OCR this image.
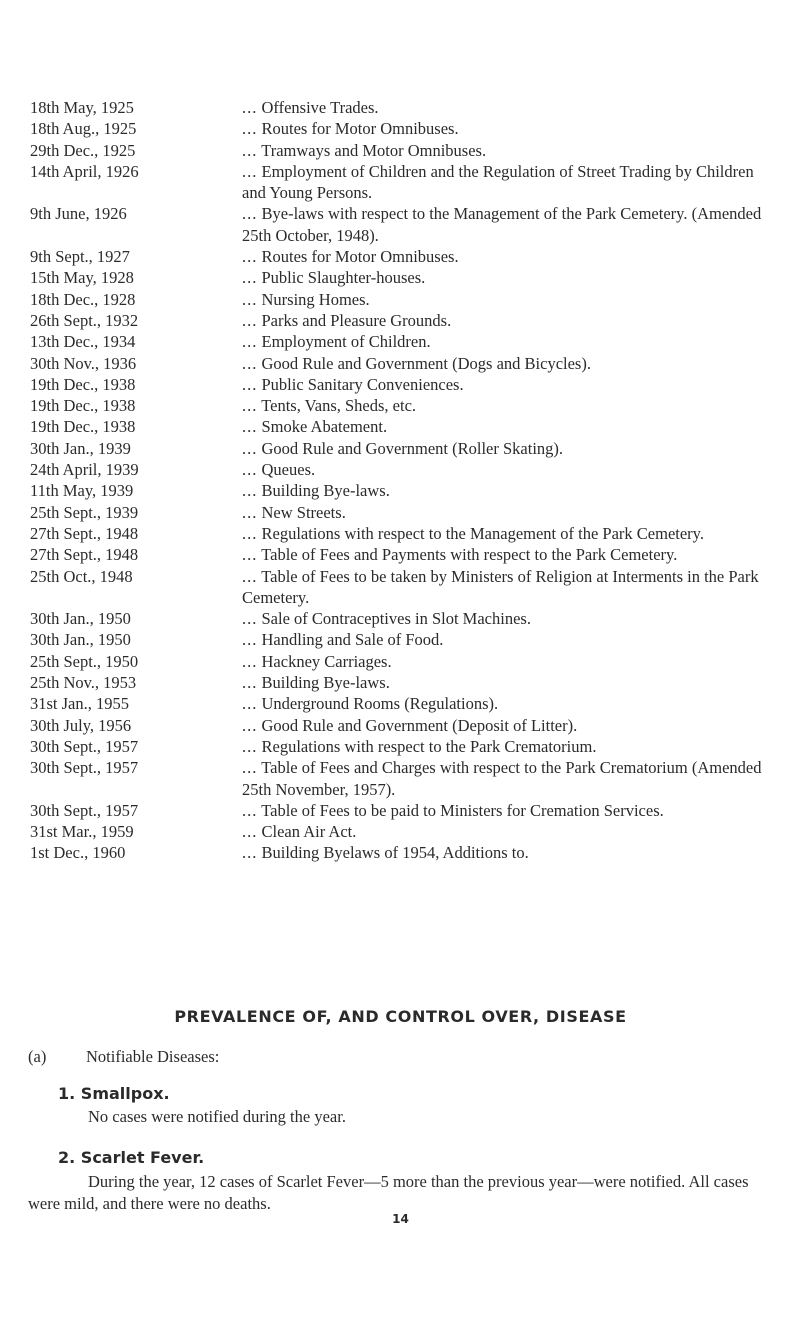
18th May, 1925	... Offensive Trades.
18th Aug., 1925	... Routes for Motor Omnibuses.
29th Dec., 1925	... Tramways and Motor Omnibuses.
14th April, 1926	... Employment of Children and the Regulation of Street Trading by Children and Young Persons.
9th June, 1926	... Bye-laws with respect to the Management of the Park Cemetery. (Amended 25th October, 1948).
9th Sept., 1927	... Routes for Motor Omnibuses.
15th May, 1928	... Public Slaughter-houses.
18th Dec., 1928	... Nursing Homes.
26th Sept., 1932	... Parks and Pleasure Grounds.
13th Dec., 1934	... Employment of Children.
30th Nov., 1936	... Good Rule and Government (Dogs and Bicycles).
19th Dec., 1938	... Public Sanitary Conveniences.
19th Dec., 1938	... Tents, Vans, Sheds, etc.
19th Dec., 1938	... Smoke Abatement.
30th Jan., 1939	... Good Rule and Government (Roller Skating).
24th April, 1939	... Queues.
11th May, 1939	... Building Bye-laws.
25th Sept., 1939	... New Streets.
27th Sept., 1948	... Regulations with respect to the Management of the Park Cemetery.
27th Sept., 1948	... Table of Fees and Payments with respect to the Park Cemetery.
25th Oct., 1948	... Table of Fees to be taken by Ministers of Religion at Interments in the Park Cemetery.
30th Jan., 1950	... Sale of Contraceptives in Slot Machines.
30th Jan., 1950	... Handling and Sale of Food.
25th Sept., 1950	... Hackney Carriages.
25th Nov., 1953	... Building Bye-laws.
31st Jan., 1955	... Underground Rooms (Regulations).
30th July, 1956	... Good Rule and Government (Deposit of Litter).
30th Sept., 1957	... Regulations with respect to the Park Crematorium.
30th Sept., 1957	... Table of Fees and Charges with respect to the Park Crematorium (Amended 25th November, 1957).
30th Sept., 1957	... Table of Fees to be paid to Ministers for Cremation Services.
31st Mar., 1959	... Clean Air Act.
1st Dec., 1960	... Building Byelaws of 1954, Additions to.
PREVALENCE OF, AND CONTROL OVER, DISEASE
(a) Notifiable Diseases:
1. Smallpox.
No cases were notified during the year.
2. Scarlet Fever.
During the year, 12 cases of Scarlet Fever—5 more than the previous year—were notified. All cases were mild, and there were no deaths.
14
